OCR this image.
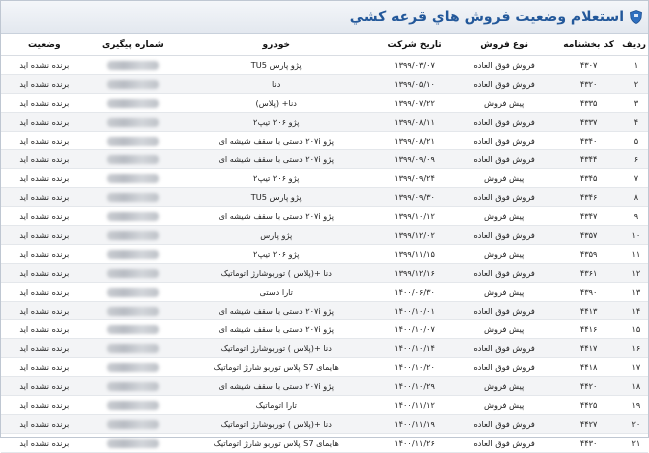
استعلام وضعیت فروش هاي قرعه كشي
ردیف	کد بخشنامه	نوع فروش	تاریخ شرکت	خودرو	شماره پیگیری	وضعیت
۱	۴۳۰۷	فروش فوق العاده	۱۳۹۹/۰۳/۰۷	پژو پارس TU5		برنده نشده اید
۲	۴۳۲۰	فروش فوق العاده	۱۳۹۹/۰۵/۱۰	دنا		برنده نشده اید
۳	۴۳۳۵	پیش فروش	۱۳۹۹/۰۷/۲۲	دنا+ (پلاس)		برنده نشده اید
۴	۴۳۳۷	فروش فوق العاده	۱۳۹۹/۰۸/۱۱	پژو ۲۰۶ تیپ۲		برنده نشده اید
۵	۴۳۴۰	فروش فوق العاده	۱۳۹۹/۰۸/۲۱	پژو ۲۰۷i دستی با سقف شیشه ای		برنده نشده اید
۶	۴۳۴۴	فروش فوق العاده	۱۳۹۹/۰۹/۰۹	پژو ۲۰۷i دستی با سقف شیشه ای		برنده نشده اید
۷	۴۳۴۵	پیش فروش	۱۳۹۹/۰۹/۲۴	پژو ۲۰۶ تیپ۲		برنده نشده اید
۸	۴۳۴۶	فروش فوق العاده	۱۳۹۹/۰۹/۳۰	پژو پارس TU5		برنده نشده اید
۹	۴۳۴۷	پیش فروش	۱۳۹۹/۱۰/۱۲	پژو ۲۰۷i دستی با سقف شیشه ای		برنده نشده اید
۱۰	۴۳۵۷	فروش فوق العاده	۱۳۹۹/۱۲/۰۲	پژو پارس		برنده نشده اید
۱۱	۴۳۵۹	پیش فروش	۱۳۹۹/۱۱/۱۵	پژو ۲۰۶ تیپ۲		برنده نشده اید
۱۲	۴۳۶۱	فروش فوق العاده	۱۳۹۹/۱۲/۱۶	دنا +(پلاس ) توربوشارژ اتوماتیک		برنده نشده اید
۱۳	۴۳۹۰	پیش فروش	۱۴۰۰/۰۶/۳۰	تارا دستی		برنده نشده اید
۱۴	۴۴۱۳	فروش فوق العاده	۱۴۰۰/۱۰/۰۱	پژو ۲۰۷i دستی با سقف شیشه ای		برنده نشده اید
۱۵	۴۴۱۶	پیش فروش	۱۴۰۰/۱۰/۰۷	پژو ۲۰۷i دستی با سقف شیشه ای		برنده نشده اید
۱۶	۴۴۱۷	فروش فوق العاده	۱۴۰۰/۱۰/۱۴	دنا +(پلاس ) توربوشارژ اتوماتیک		برنده نشده اید
۱۷	۴۴۱۸	فروش فوق العاده	۱۴۰۰/۱۰/۲۰	هایمای S7 پلاس توربو شارژ اتوماتیک		برنده نشده اید
۱۸	۴۴۲۰	پیش فروش	۱۴۰۰/۱۰/۲۹	پژو ۲۰۷i دستی با سقف شیشه ای		برنده نشده اید
۱۹	۴۴۲۵	پیش فروش	۱۴۰۰/۱۱/۱۲	تارا اتوماتیک		برنده نشده اید
۲۰	۴۴۲۷	فروش فوق العاده	۱۴۰۰/۱۱/۱۹	دنا +(پلاس ) توربوشارژ اتوماتیک		برنده نشده اید
۲۱	۴۴۳۰	فروش فوق العاده	۱۴۰۰/۱۱/۲۶	هایمای S7 پلاس توربو شارژ اتوماتیک		برنده نشده اید
